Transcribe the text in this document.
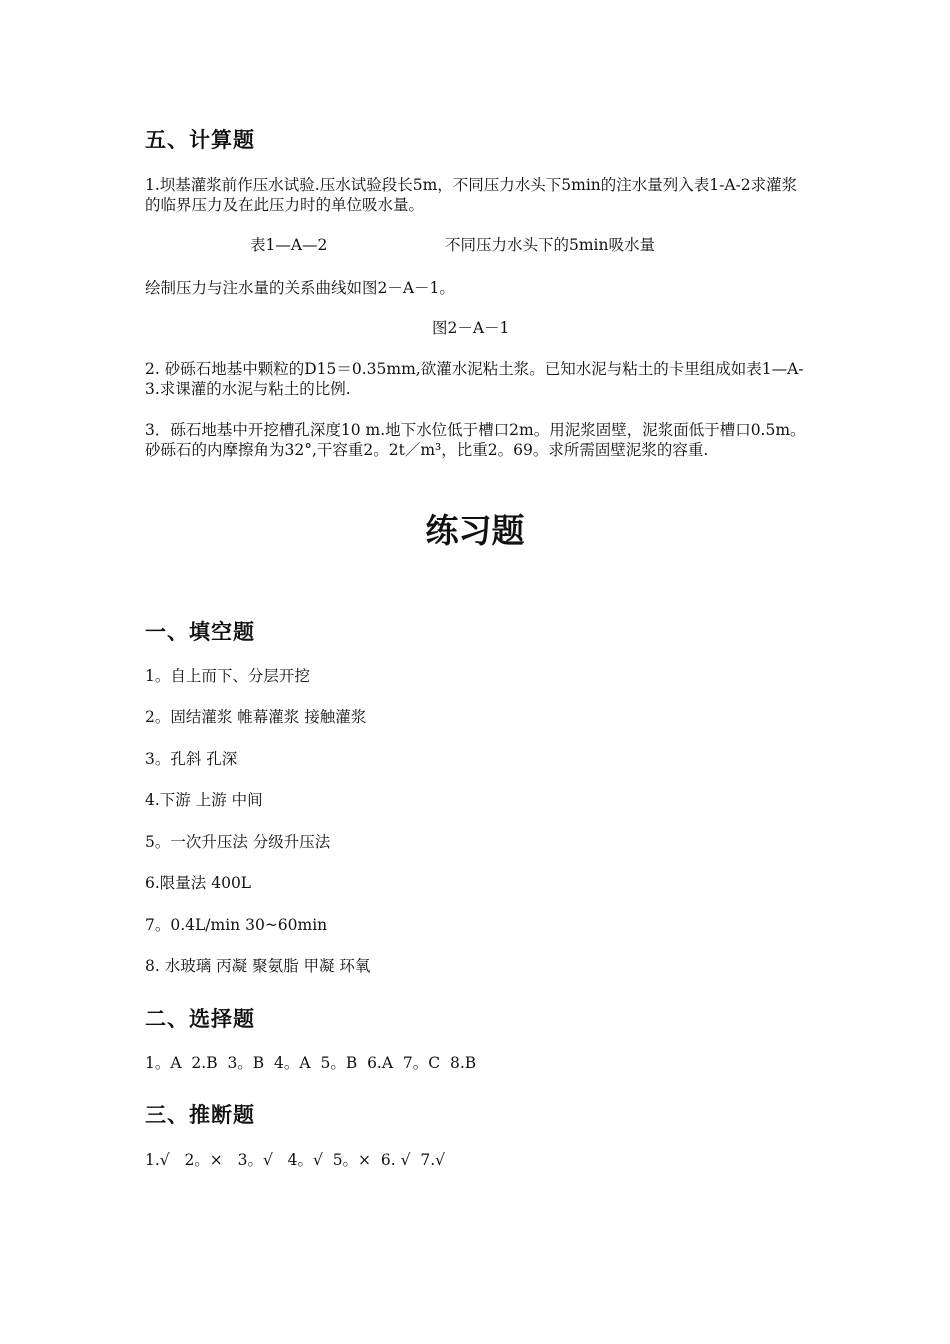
五、计算题
1.坝基灌浆前作压水试验.压水试验段长5m，不同压力水头下5min的注水量列入表1-A-2求灌浆的临界压力及在此压力时的单位吸水量。
表1—A—2	不同压力水头下的5min吸水量
绘制压力与注水量的关系曲线如图2－A－1。
图2－A－1
2. 砂砾石地基中颗粒的D15＝0.35mm,欲灌水泥粘土浆。已知水泥与粘土的卡里组成如表1—A-3.求课灌的水泥与粘土的比例.
3．砾石地基中开挖槽孔深度10 m.地下水位低于槽口2m。用泥浆固壁，泥浆面低于槽口0.5m。砂砾石的内摩擦角为32°,干容重2。2t／m³，比重2。69。求所需固壁泥浆的容重.
练习题
一、填空题
1。自上而下、分层开挖
2。固结灌浆 帷幕灌浆 接触灌浆
3。孔斜 孔深
4.下游 上游 中间
5。一次升压法 分级升压法
6.限量法 400L
7。0.4L/min 30~60min
8. 水玻璃 丙凝 聚氨脂 甲凝 环氧
二、选择题
1。A  2.B  3。B  4。A  5。B  6.A  7。C  8.B
三、推断题
1.√   2。×   3。√   4。√  5。×  6. √  7.√
